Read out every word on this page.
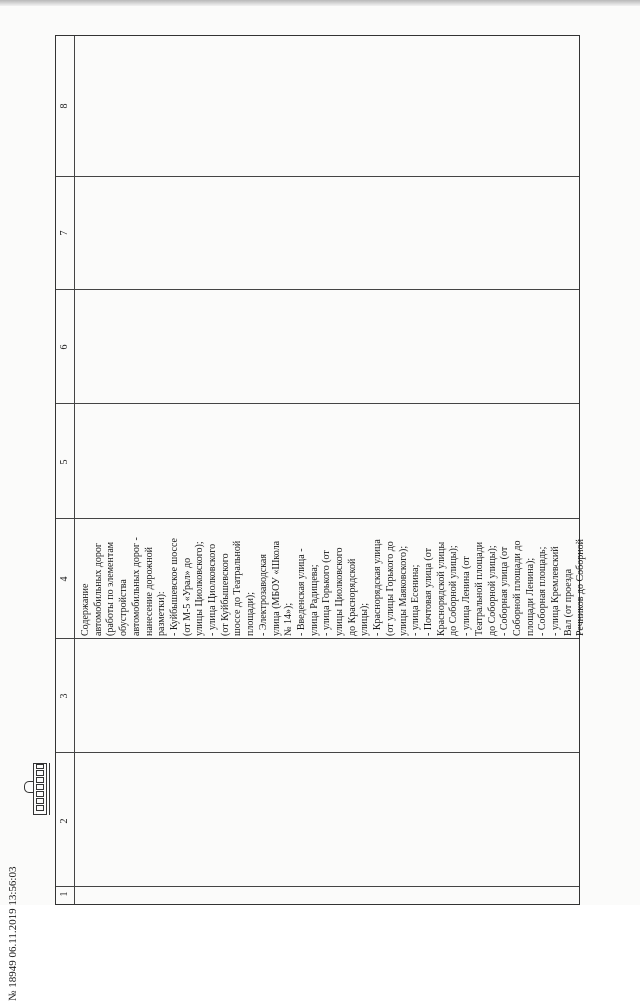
1
2
3
4
5
6
7
8
Содержание автомобильных дорог (работы по элементам обустройства автомобильных дорог - нанесение дорожной разметки): - Куйбышевское шоссе (от М-5 «Урал» до улицы Циолковского); - улица Циолковского (от Куйбышевского шоссе до Театральной площади); - Электрозаводская улица (МБОУ «Школа № 14»); - Введенская улица - улица Радищева; - улица Горького (от улицы Циолковского до Краснорядской улицы); - Краснорядская улица (от улицы Горького до улицы Маяковского); - улица Есенина; - Почтовая улица (от Краснорядской улицы до Соборной улицы); - улица Ленина (от Театральной площади до Соборной улицы); - Соборная улица (от Соборной площади до площади Ленина); - Соборная площадь; - улица Кремлевский Вал (от проезда Речников до Соборной
№ 18949 06.11.2019 13:56:03
